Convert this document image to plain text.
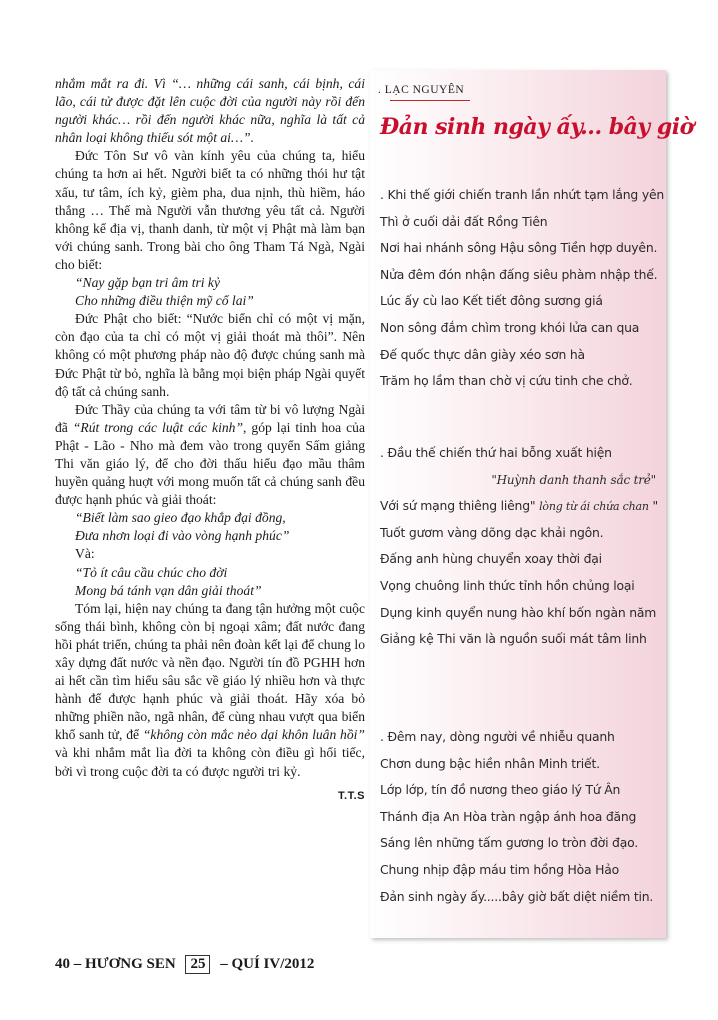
nhắm mắt ra đi. Vì “… những cái sanh, cái bịnh, cái lão, cái tử được đặt lên cuộc đời của người này rồi đến người khác… rồi đến người khác nữa, nghĩa là tất cả nhân loại không thiếu sót một ai…”.

Đức Tôn Sư vô vàn kính yêu của chúng ta, hiểu chúng ta hơn ai hết. Người biết ta có những thói hư tật xấu, tư tâm, ích kỷ, gièm pha, dua nịnh, thù hiềm, háo thắng … Thế mà Người vẫn thương yêu tất cả. Người không kể địa vị, thanh danh, từ một vị Phật mà làm bạn với chúng sanh. Trong bài cho ông Tham Tá Ngà, Ngài cho biết:

“Nay gặp bạn tri âm tri kỷ

Cho những điều thiện mỹ cổ lai”

Đức Phật cho biết: “Nước biển chỉ có một vị mặn, còn đạo của ta chỉ có một vị giải thoát mà thôi”. Nên không có một phương pháp nào độ được chúng sanh mà Đức Phật từ bỏ, nghĩa là bằng mọi biện pháp Ngài quyết độ tất cả chúng sanh.

Đức Thầy của chúng ta với tâm từ bi vô lượng Ngài đã “Rút trong các luật các kinh”, góp lại tinh hoa của Phật - Lão - Nho mà đem vào trong quyển Sấm giảng Thi văn giáo lý, để cho đời thấu hiểu đạo mầu thâm huyền quảng huợt với mong muốn tất cả chúng sanh đều được hạnh phúc và giải thoát:

“Biết làm sao gieo đạo khắp đại đồng,

Đưa nhơn loại đi vào vòng hạnh phúc”

Và:

“Tỏ ít câu cầu chúc cho đời

Mong bá tánh vạn dân giải thoát”

Tóm lại, hiện nay chúng ta đang tận hưởng một cuộc sống thái bình, không còn bị ngoại xâm; đất nước đang hồi phát triển, chúng ta phải nên đoàn kết lại để chung lo xây dựng đất nước và nền đạo. Người tín đồ PGHH hơn ai hết cần tìm hiểu sâu sắc về giáo lý nhiều hơn và thực hành để được hạnh phúc và giải thoát. Hãy xóa bỏ những phiền não, ngã nhân, để cùng nhau vượt qua biển khổ sanh tử, để “không còn mắc nẻo dại khôn luân hồi” và khi nhắm mắt lìa đời ta không còn điều gì hối tiếc, bởi vì trong cuộc đời ta có được người tri kỷ.

T.T.S
. LẠC NGUYÊN
Đản sinh ngày ấy... bây giờ
. Khi thế giới chiến tranh lần nhứt tạm lắng yên
Thì ở cuối dải đất Rồng Tiên
Nơi hai nhánh sông Hậu sông Tiền hợp duyên.
Nửa đêm đón nhận đấng siêu phàm nhập thế.
Lúc ấy cù lao Kết tiết đông sương giá
Non sông đắm chìm trong khói lửa can qua
Đế quốc thực dân giày xéo sơn hà
Trăm họ lầm than chờ vị cứu tinh che chở.
. Đầu thế chiến thứ hai bỗng xuất hiện
"Huỳnh danh thanh sắc trẻ"
Với sứ mạng thiêng liêng" lòng từ ái chứa chan "
Tuốt gươm vàng dõng dạc khải ngôn.
Đấng anh hùng chuyển xoay thời đại
Vọng chuông linh thức tỉnh hồn chủng loại
Dụng kinh quyển nung hào khí bốn ngàn năm
Giảng kệ Thi văn là nguồn suối mát tâm linh
. Đêm nay, dòng người về nhiễu quanh
Chơn dung bậc hiền nhân Minh triết.
Lớp lớp, tín đồ nương theo giáo lý Tứ Ân
Thánh địa An Hòa tràn ngập ánh hoa đăng
Sáng lên những tấm gương lo tròn đời đạo.
Chung nhịp đập máu tim hồng Hòa Hảo
Đản sinh ngày ấy.....bây giờ bất diệt niềm tin.
40 – HƯƠNG SEN 25 – QUÍ IV/2012
